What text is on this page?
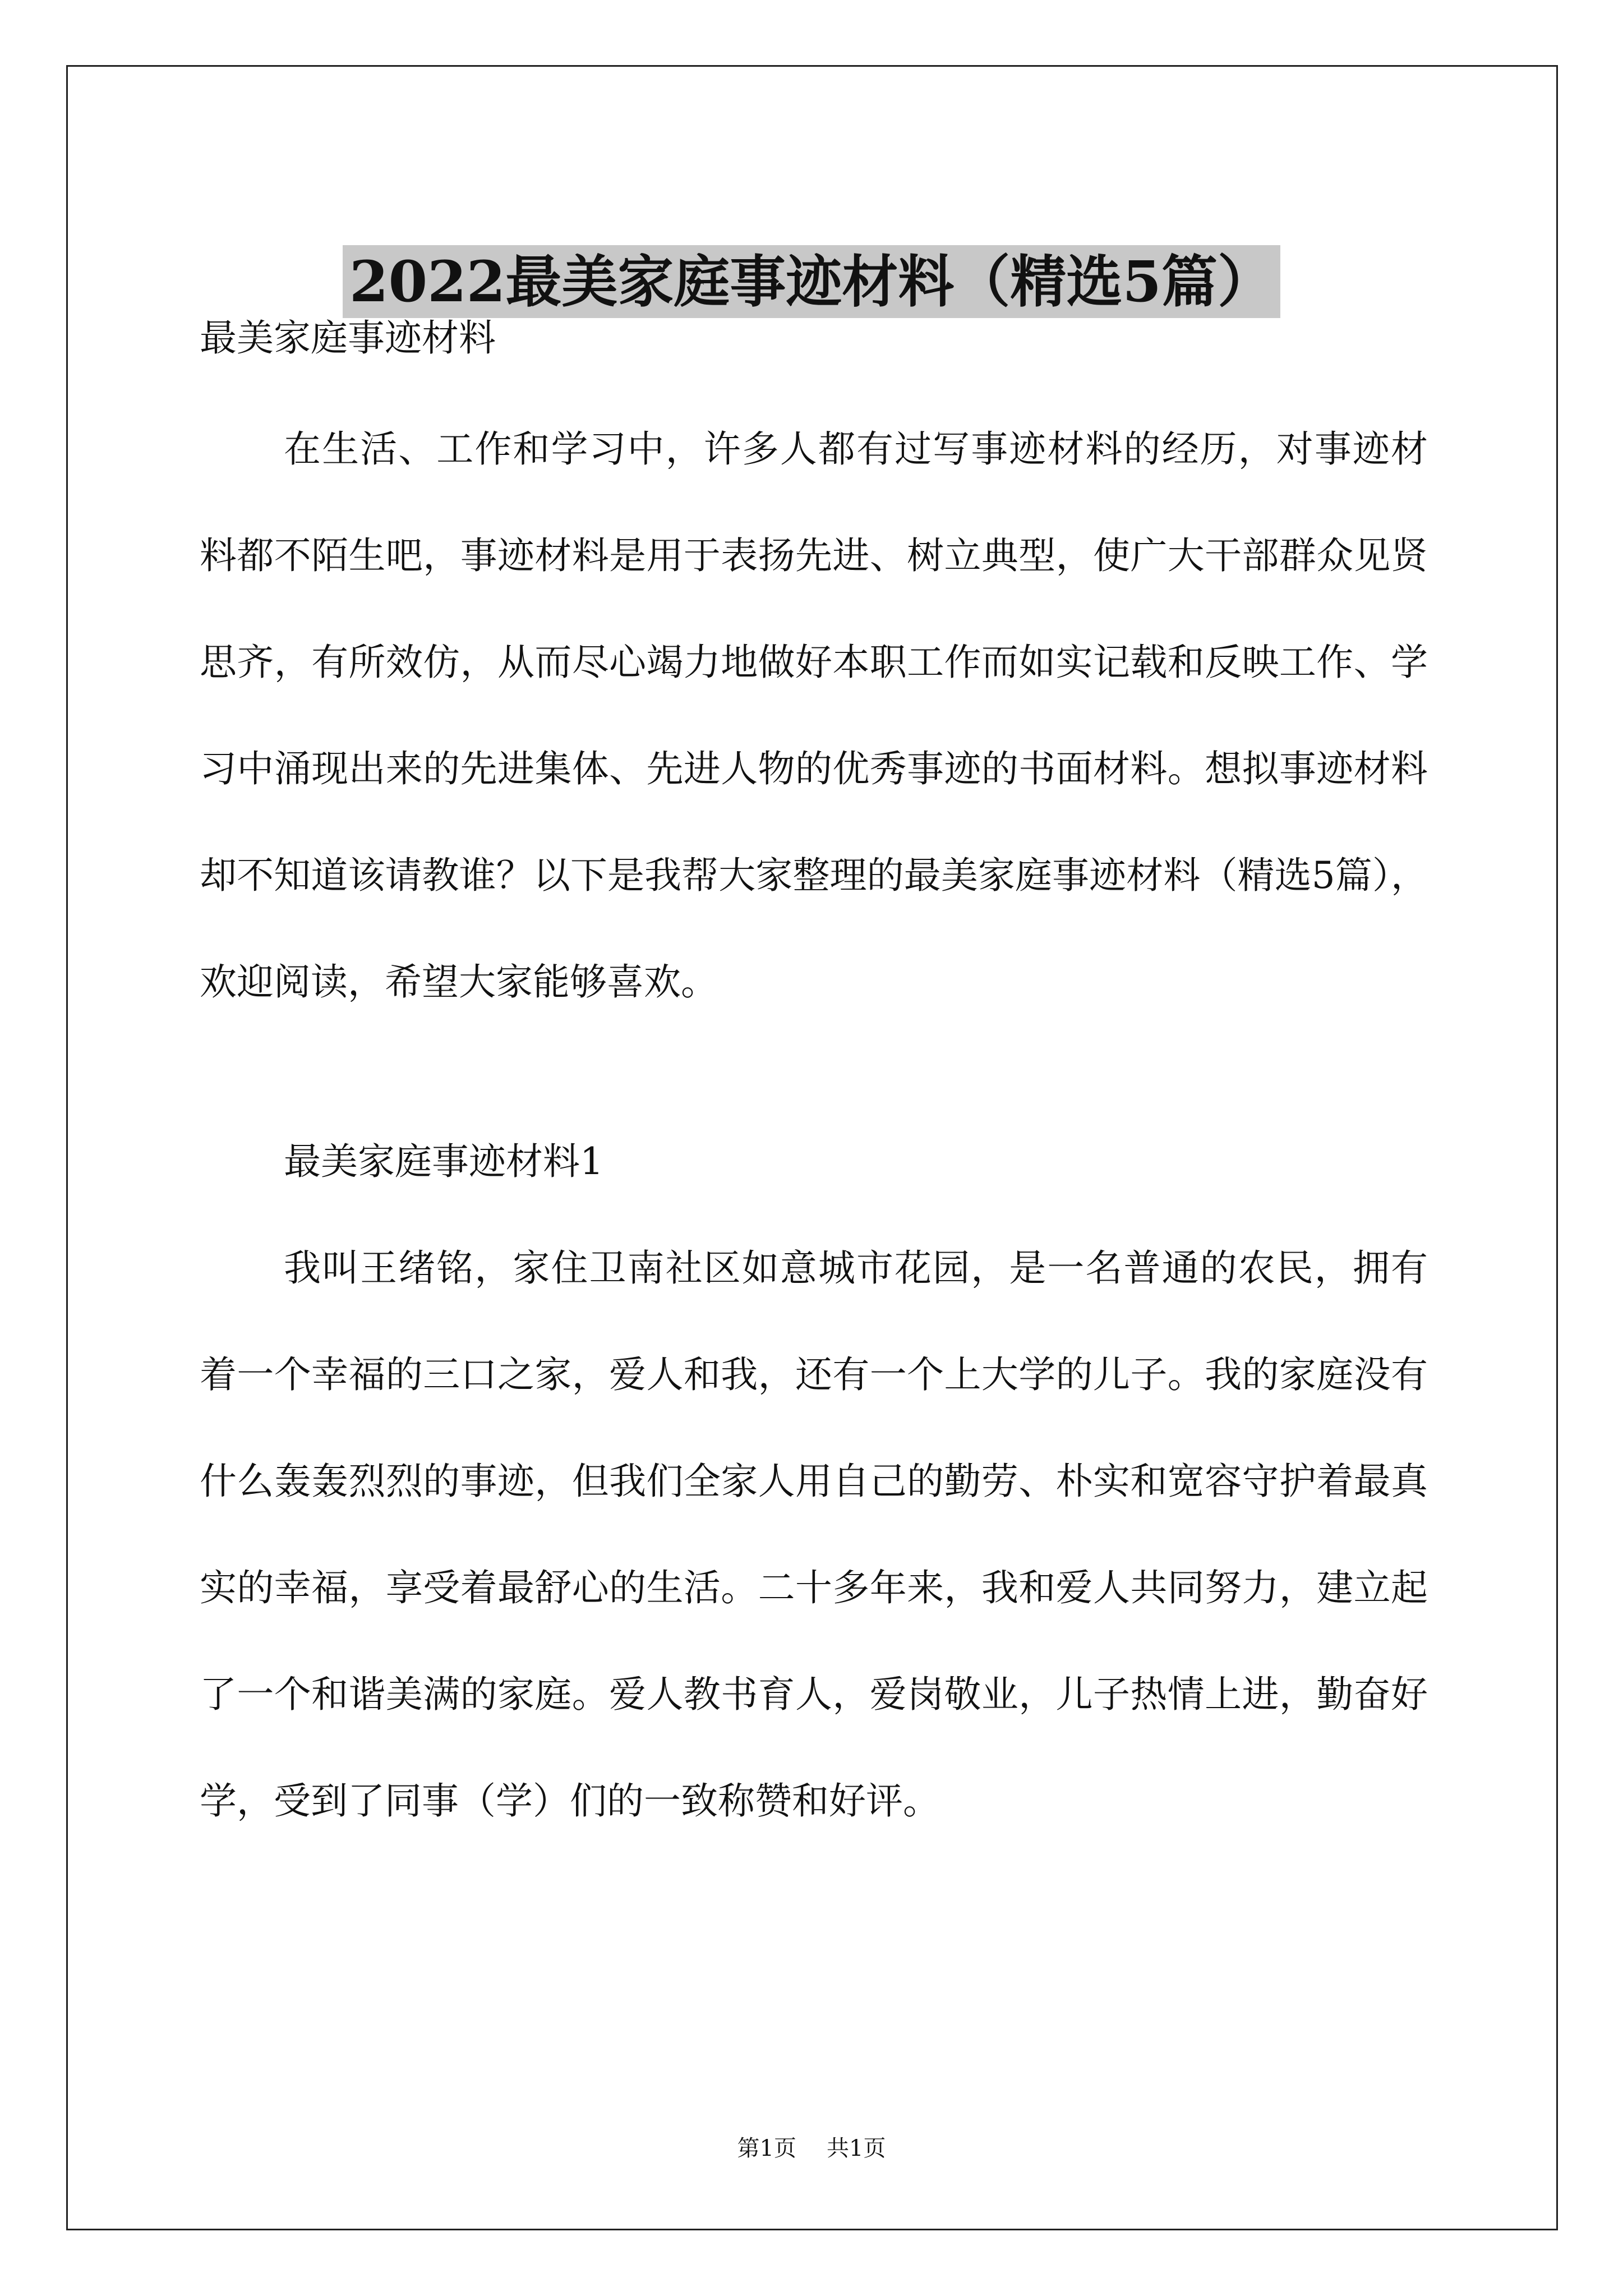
2022最美家庭事迹材料（精选5篇）

最美家庭事迹材料

在生活、工作和学习中，许多人都有过写事迹材料的经历，对事迹材料都不陌生吧，事迹材料是用于表扬先进、树立典型，使广大干部群众见贤思齐，有所效仿，从而尽心竭力地做好本职工作而如实记载和反映工作、学习中涌现出来的先进集体、先进人物的优秀事迹的书面材料。想拟事迹材料却不知道该请教谁？以下是我帮大家整理的最美家庭事迹材料（精选5篇），欢迎阅读，希望大家能够喜欢。

最美家庭事迹材料1

我叫王绪铭，家住卫南社区如意城市花园，是一名普通的农民，拥有着一个幸福的三口之家，爱人和我，还有一个上大学的儿子。我的家庭没有什么轰轰烈烈的事迹，但我们全家人用自己的勤劳、朴实和宽容守护着最真实的幸福，享受着最舒心的生活。二十多年来，我和爱人共同努力，建立起了一个和谐美满的家庭。爱人教书育人，爱岗敬业，儿子热情上进，勤奋好学，受到了同事（学）们的一致称赞和好评。

第1页 共1页
